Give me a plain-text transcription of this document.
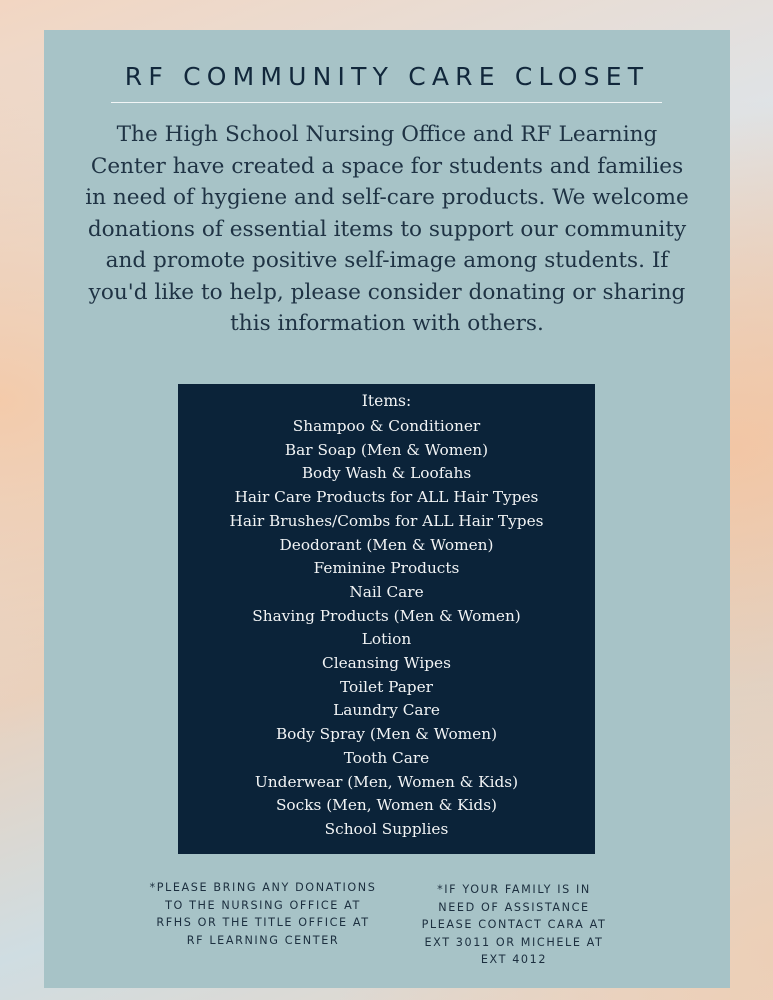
RF COMMUNITY CARE CLOSET

The High School Nursing Office and RF Learning Center have created a space for students and families in need of hygiene and self-care products. We welcome donations of essential items to support our community and promote positive self-image among students. If you'd like to help, please consider donating or sharing this information with others.

Items:
Shampoo & Conditioner
Bar Soap (Men & Women)
Body Wash & Loofahs
Hair Care Products for ALL Hair Types
Hair Brushes/Combs for ALL Hair Types
Deodorant (Men & Women)
Feminine Products
Nail Care
Shaving Products (Men & Women)
Lotion
Cleansing Wipes
Toilet Paper
Laundry Care
Body Spray (Men & Women)
Tooth Care
Underwear (Men, Women & Kids)
Socks (Men, Women & Kids)
School Supplies

*PLEASE BRING ANY DONATIONS TO THE NURSING OFFICE AT RFHS OR THE TITLE OFFICE AT RF LEARNING CENTER

*IF YOUR FAMILY IS IN NEED OF ASSISTANCE PLEASE CONTACT CARA AT EXT 3011 OR MICHELE AT EXT 4012
